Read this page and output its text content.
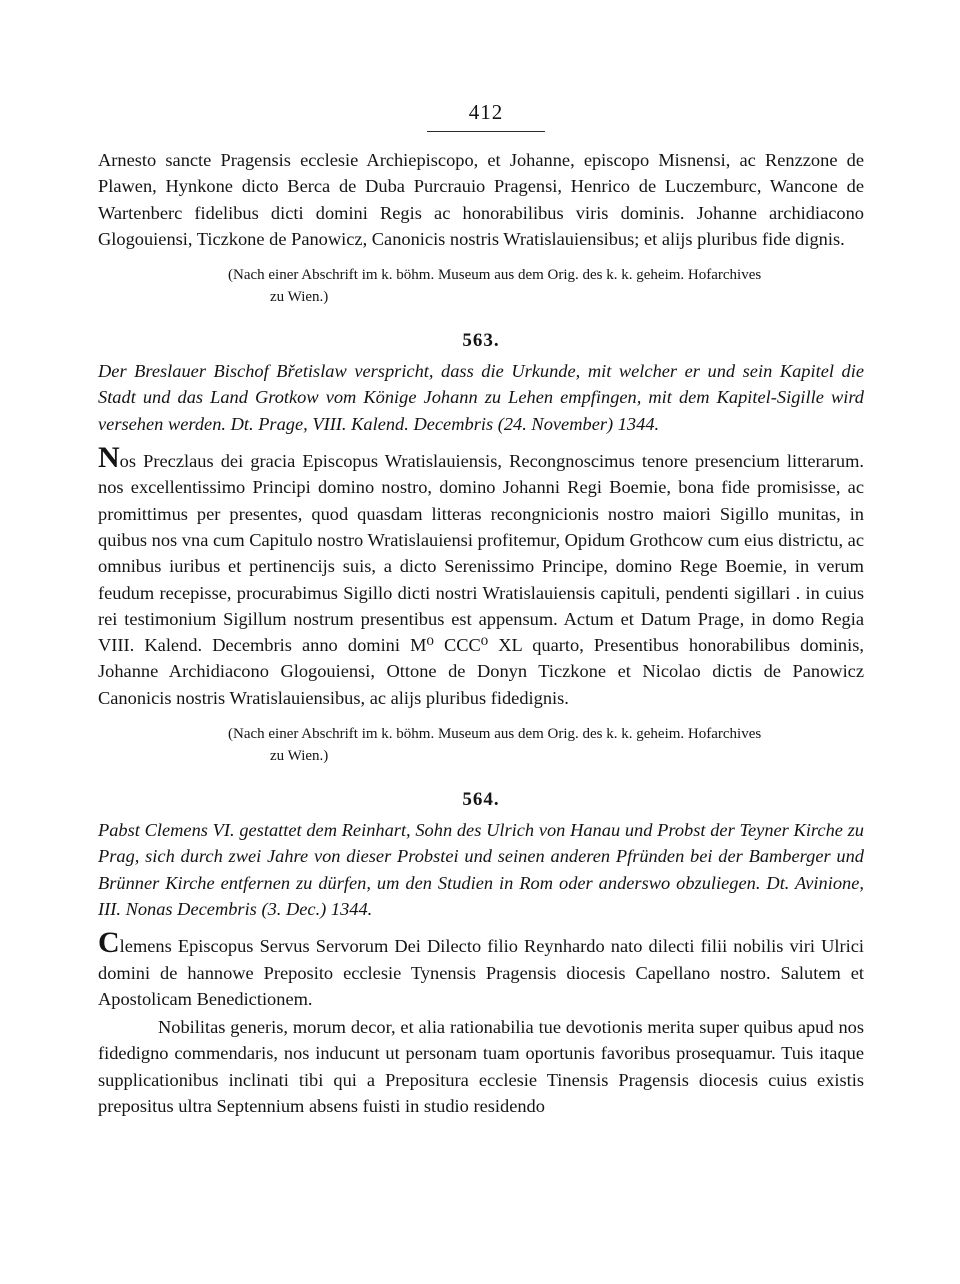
412

Arnesto sancte Pragensis ecclesie Archiepiscopo, et Johanne, episcopo Misnensi, ac Renzzone de Plawen, Hynkone dicto Berca de Duba Purcrauio Pragensi, Henrico de Luczemburc, Wancone de Wartenberc fidelibus dicti domini Regis ac honorabilibus viris dominis. Johanne archidiacono Glogouiensi, Ticzkone de Panowicz, Canonicis nostris Wratislauiensibus; et alijs pluribus fide dignis.

(Nach einer Abschrift im k. böhm. Museum aus dem Orig. des k. k. geheim. Hofarchives
zu Wien.)

563.

Der Breslauer Bischof Břetislaw verspricht, dass die Urkunde, mit welcher er und sein Kapitel die Stadt und das Land Grotkow vom Könige Johann zu Lehen empfingen, mit dem Kapitel-Sigille wird versehen werden. Dt. Prage, VIII. Kalend. Decembris (24. November) 1344.

Nos Preczlaus dei gracia Episcopus Wratislauiensis, Recongnoscimus tenore presencium litterarum. nos excellentissimo Principi domino nostro, domino Johanni Regi Boemie, bona fide promisisse, ac promittimus per presentes, quod quasdam litteras recongnicionis nostro maiori Sigillo munitas, in quibus nos vna cum Capitulo nostro Wratislauiensi profitemur, Opidum Grothcow cum eius districtu, ac omnibus iuribus et pertinencijs suis, a dicto Serenissimo Principe, domino Rege Boemie, in verum feudum recepisse, procurabimus Sigillo dicti nostri Wratislauiensis capituli, pendenti sigillari . in cuius rei testimonium Sigillum nostrum presentibus est appensum. Actum et Datum Prage, in domo Regia VIII. Kalend. Decembris anno domini M⁰ CCC⁰ XL quarto, Presentibus honorabilibus dominis, Johanne Archidiacono Glogouiensi, Ottone de Donyn Ticzkone et Nicolao dictis de Panowicz Canonicis nostris Wratislauiensibus, ac alijs pluribus fidedignis.

(Nach einer Abschrift im k. böhm. Museum aus dem Orig. des k. k. geheim. Hofarchives
zu Wien.)

564.

Pabst Clemens VI. gestattet dem Reinhart, Sohn des Ulrich von Hanau und Probst der Teyner Kirche zu Prag, sich durch zwei Jahre von dieser Probstei und seinen anderen Pfründen bei der Bamberger und Brünner Kirche entfernen zu dürfen, um den Studien in Rom oder anderswo obzuliegen. Dt. Avinione, III. Nonas Decembris (3. Dec.) 1344.

Clemens Episcopus Servus Servorum Dei Dilecto filio Reynhardo nato dilecti filii nobilis viri Ulrici domini de hannowe Preposito ecclesie Tynensis Pragensis diocesis Capellano nostro. Salutem et Apostolicam Benedictionem.

Nobilitas generis, morum decor, et alia rationabilia tue devotionis merita super quibus apud nos fidedigno commendaris, nos inducunt ut personam tuam oportunis favoribus prosequamur. Tuis itaque supplicationibus inclinati tibi qui a Prepositura ecclesie Tinensis Pragensis diocesis cuius existis prepositus ultra Septennium absens fuisti in studio residendo
